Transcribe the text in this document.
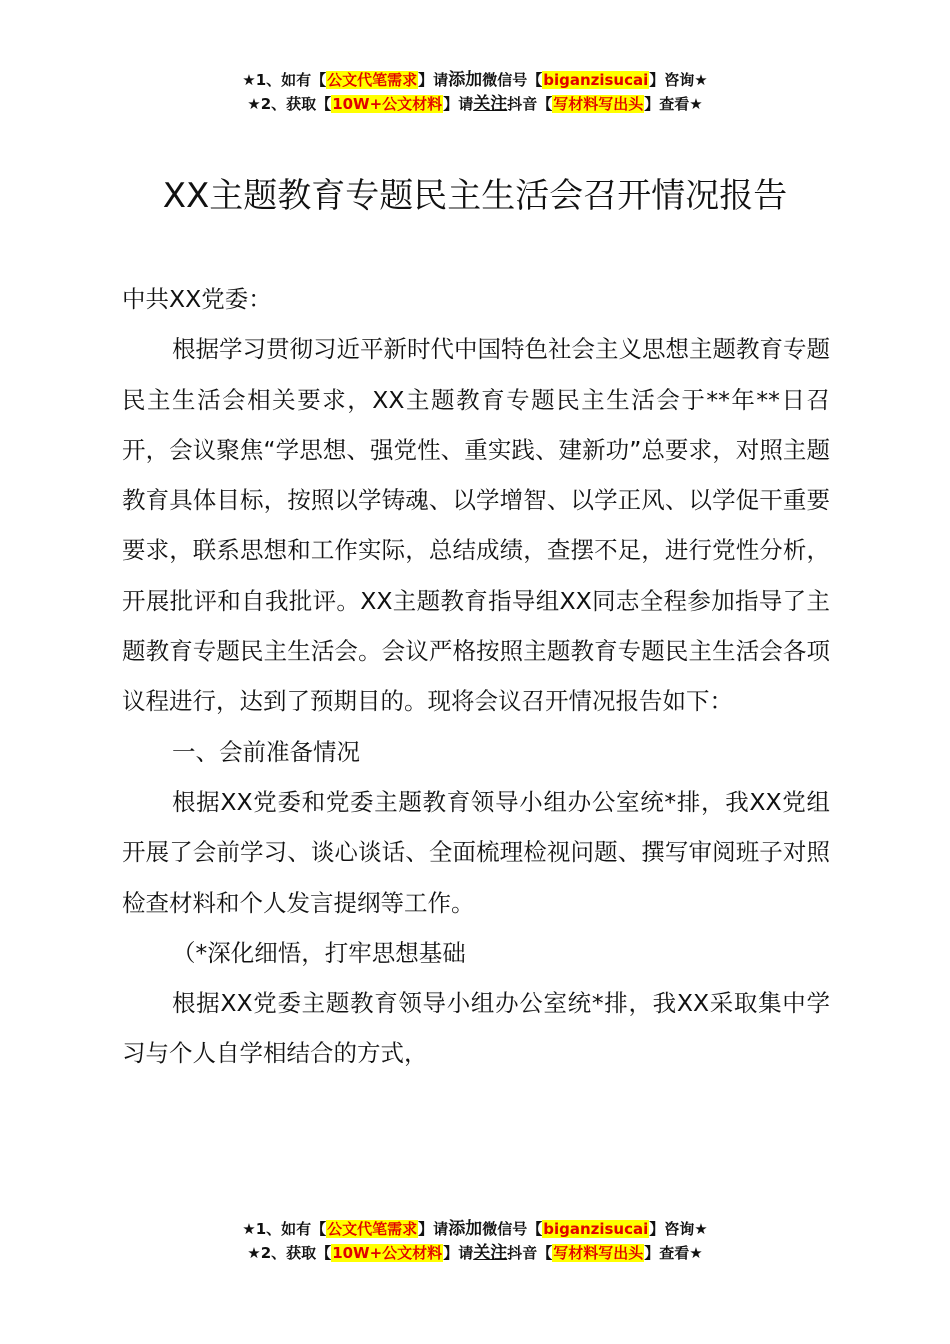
★1、如有【公文代笔需求】请添加微信号【biganzisucai】咨询★
★2、获取【10W+公文材料】请关注抖音【写材料写出头】查看★
XX主题教育专题民主生活会召开情况报告

中共XX党委：

根据学习贯彻习近平新时代中国特色社会主义思想主题教育专题民主生活会相关要求，XX主题教育专题民主生活会于**年**日召开，会议聚焦“学思想、强党性、重实践、建新功”总要求，对照主题教育具体目标，按照以学铸魂、以学增智、以学正风、以学促干重要要求，联系思想和工作实际，总结成绩，查摆不足，进行党性分析，开展批评和自我批评。XX主题教育指导组XX同志全程参加指导了主题教育专题民主生活会。会议严格按照主题教育专题民主生活会各项议程进行，达到了预期目的。现将会议召开情况报告如下：

一、会前准备情况

根据XX党委和党委主题教育领导小组办公室统*排，我XX党组开展了会前学习、谈心谈话、全面梳理检视问题、撰写审阅班子对照检查材料和个人发言提纲等工作。

（*深化细悟，打牢思想基础

根据XX党委主题教育领导小组办公室统*排，我XX采取集中学习与个人自学相结合的方式，

★1、如有【公文代笔需求】请添加微信号【biganzisucai】咨询★
★2、获取【10W+公文材料】请关注抖音【写材料写出头】查看★
